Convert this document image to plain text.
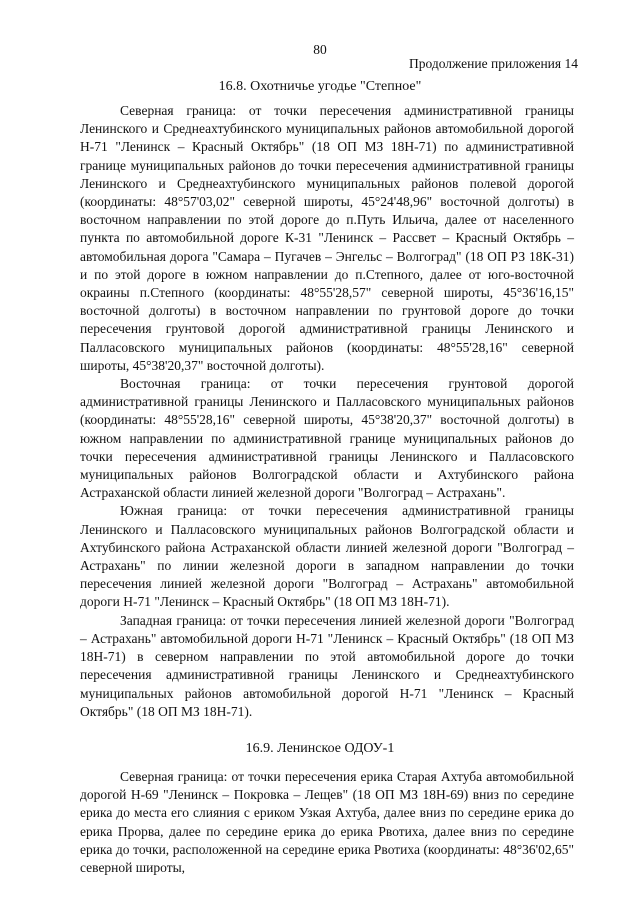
80
Продолжение приложения 14
16.8. Охотничье угодье "Степное"

Северная граница: от точки пересечения административной границы Ленинского и Среднеахтубинского муниципальных районов автомобильной дорогой Н-71 "Ленинск – Красный Октябрь" (18 ОП МЗ 18Н-71) по административной границе муниципальных районов до точки пересечения административной границы Ленинского и Среднеахтубинского муниципальных районов полевой дорогой (координаты: 48°57'03,02" северной широты, 45°24'48,96" восточной долготы) в восточном направлении по этой дороге до п.Путь Ильича, далее от населенного пункта по автомобильной дороге К-31 "Ленинск – Рассвет – Красный Октябрь – автомобильная дорога "Самара – Пугачев – Энгельс – Волгоград" (18 ОП РЗ 18К-31) и по этой дороге в южном направлении до п.Степного, далее от юго-восточной окраины п.Степного (координаты: 48°55'28,57" северной широты, 45°36'16,15" восточной долготы) в восточном направлении по грунтовой дороге до точки пересечения грунтовой дорогой административной границы Ленинского и Палласовского муниципальных районов (координаты: 48°55'28,16" северной широты, 45°38'20,37" восточной долготы).

Восточная граница: от точки пересечения грунтовой дорогой административной границы Ленинского и Палласовского муниципальных районов (координаты: 48°55'28,16" северной широты, 45°38'20,37" восточной долготы) в южном направлении по административной границе муниципальных районов до точки пересечения административной границы Ленинского и Палласовского муниципальных районов Волгоградской области и Ахтубинского района Астраханской области линией железной дороги "Волгоград – Астрахань".

Южная граница: от точки пересечения административной границы Ленинского и Палласовского муниципальных районов Волгоградской области и Ахтубинского района Астраханской области линией железной дороги "Волгоград – Астрахань" по линии железной дороги в западном направлении до точки пересечения линией железной дороги "Волгоград – Астрахань" автомобильной дороги Н-71 "Ленинск – Красный Октябрь" (18 ОП МЗ 18Н-71).

Западная граница: от точки пересечения линией железной дороги "Волгоград – Астрахань" автомобильной дороги Н-71 "Ленинск – Красный Октябрь" (18 ОП МЗ 18Н-71) в северном направлении по этой автомобильной дороге до точки пересечения административной границы Ленинского и Среднеахтубинского муниципальных районов автомобильной дорогой Н-71 "Ленинск – Красный Октябрь" (18 ОП МЗ 18Н-71).

16.9. Ленинское ОДОУ-1

Северная граница: от точки пересечения ерика Старая Ахтуба автомобильной дорогой Н-69 "Ленинск – Покровка – Лещев" (18 ОП МЗ 18Н-69) вниз по середине ерика до места его слияния с ериком Узкая Ахтуба, далее вниз по середине ерика до ерика Прорва, далее по середине ерика до ерика Рвотиха, далее вниз по середине ерика до точки, расположенной на середине ерика Рвотиха (координаты: 48°36'02,65" северной широты,
